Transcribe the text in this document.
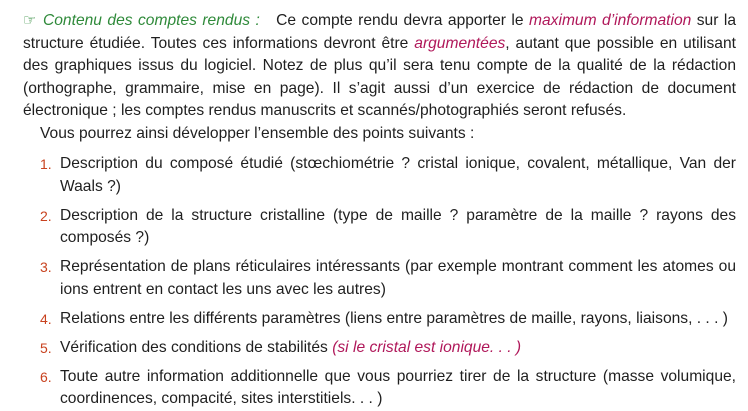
☞ Contenu des comptes rendus : Ce compte rendu devra apporter le maximum d’information sur la structure étudiée. Toutes ces informations devront être argumentées, autant que possible en utilisant des graphiques issus du logiciel. Notez de plus qu’il sera tenu compte de la qualité de la rédaction (orthographe, grammaire, mise en page). Il s’agit aussi d’un exercice de rédaction de document électronique ; les comptes rendus manuscrits et scannés/photographiés seront refusés.

Vous pourrez ainsi développer l’ensemble des points suivants :

1. Description du composé étudié (stœchiométrie ? cristal ionique, covalent, métallique, Van der Waals ?)
2. Description de la structure cristalline (type de maille ? paramètre de la maille ? rayons des composés ?)
3. Représentation de plans réticulaires intéressants (par exemple montrant comment les atomes ou ions entrent en contact les uns avec les autres)
4. Relations entre les différents paramètres (liens entre paramètres de maille, rayons, liaisons, . . . )
5. Vérification des conditions de stabilités (si le cristal est ionique. . . )
6. Toute autre information additionnelle que vous pourriez tirer de la structure (masse volumique, coordinences, compacité, sites interstitiels. . . )
